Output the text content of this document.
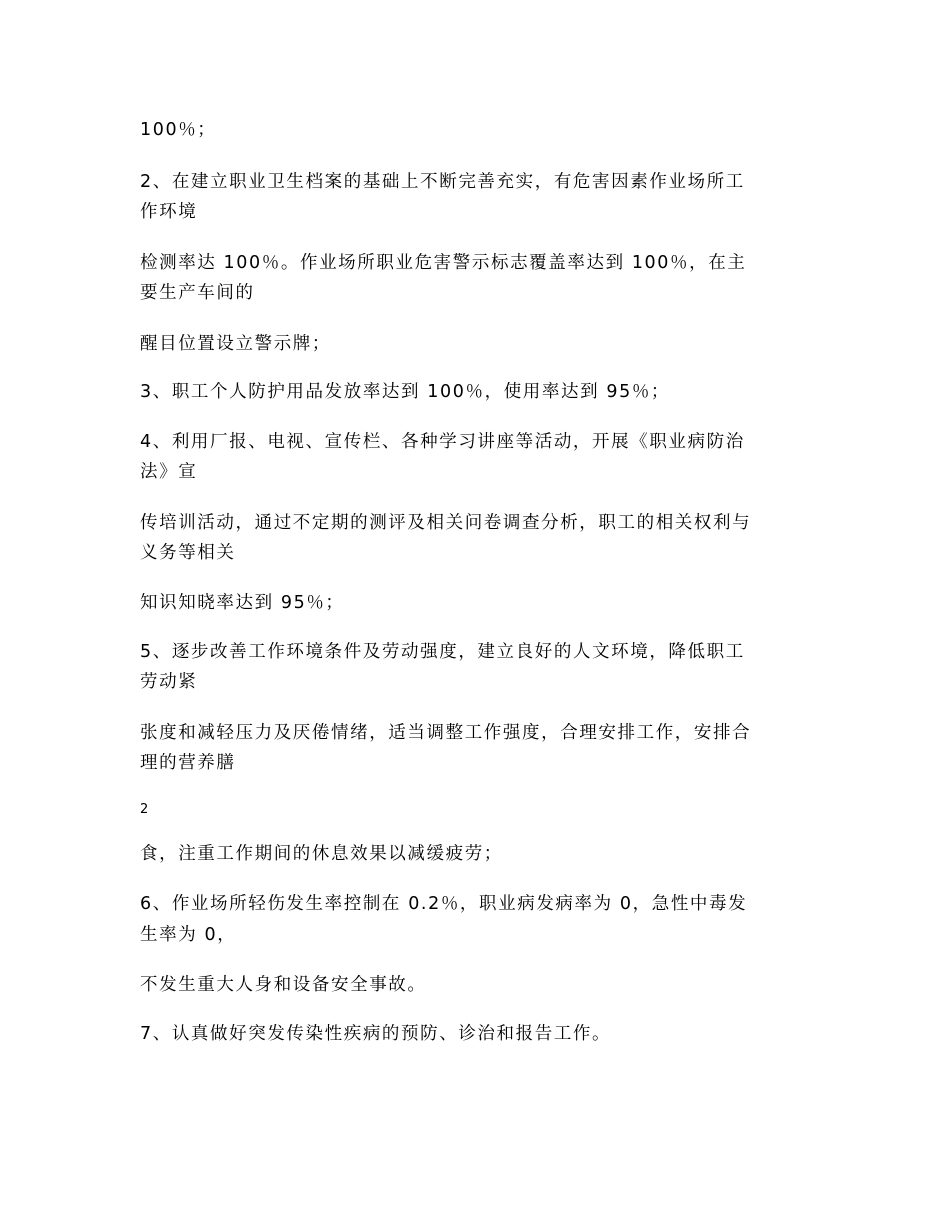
100％；

2、在建立职业卫生档案的基础上不断完善充实，有危害因素作业场所工

作环境

检测率达 100％。作业场所职业危害警示标志覆盖率达到 100％，在主

要生产车间的

醒目位置设立警示牌；

3、职工个人防护用品发放率达到 100％，使用率达到 95％；

4、利用厂报、电视、宣传栏、各种学习讲座等活动，开展《职业病防治

法》宣

传培训活动，通过不定期的测评及相关问卷调查分析，职工的相关权利与

义务等相关

知识知晓率达到 95％；

5、逐步改善工作环境条件及劳动强度，建立良好的人文环境，降低职工

劳动紧

张度和减轻压力及厌倦情绪，适当调整工作强度，合理安排工作，安排合

理的营养膳

2

食，注重工作期间的休息效果以减缓疲劳；

6、作业场所轻伤发生率控制在 0.2％，职业病发病率为 0，急性中毒发

生率为 0，

不发生重大人身和设备安全事故。

7、认真做好突发传染性疾病的预防、诊治和报告工作。
